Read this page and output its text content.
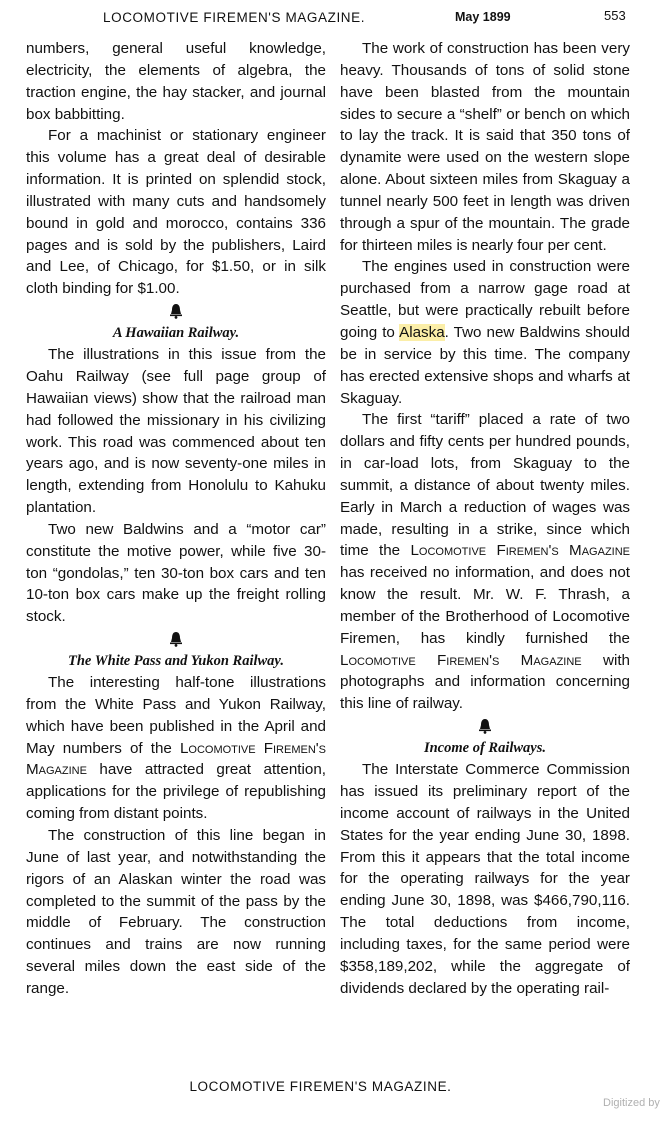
LOCOMOTIVE FIREMEN'S MAGAZINE.	May 1899	553

numbers, general useful knowledge, electricity, the elements of algebra, the traction engine, the hay stacker, and journal box babbitting.

For a machinist or stationary engineer this volume has a great deal of desirable information. It is printed on splendid stock, illustrated with many cuts and handsomely bound in gold and morocco, contains 336 pages and is sold by the publishers, Laird and Lee, of Chicago, for $1.50, or in silk cloth binding for $1.00.

A Hawaiian Railway.

The illustrations in this issue from the Oahu Railway (see full page group of Hawaiian views) show that the railroad man had followed the missionary in his civilizing work. This road was commenced about ten years ago, and is now seventy-one miles in length, extending from Honolulu to Kahuku plantation.

Two new Baldwins and a “motor car” constitute the motive power, while five 30-ton “gondolas,” ten 30-ton box cars and ten 10-ton box cars make up the freight rolling stock.

The White Pass and Yukon Railway.

The interesting half-tone illustrations from the White Pass and Yukon Railway, which have been published in the April and May numbers of the Locomotive Firemen's Magazine have attracted great attention, applications for the privilege of republishing coming from distant points.

The construction of this line began in June of last year, and notwithstanding the rigors of an Alaskan winter the road was completed to the summit of the pass by the middle of February. The construction continues and trains are now running several miles down the east side of the range.

The work of construction has been very heavy. Thousands of tons of solid stone have been blasted from the mountain sides to secure a “shelf” or bench on which to lay the track. It is said that 350 tons of dynamite were used on the western slope alone. About sixteen miles from Skaguay a tunnel nearly 500 feet in length was driven through a spur of the mountain. The grade for thirteen miles is nearly four per cent.

The engines used in construction were purchased from a narrow gage road at Seattle, but were practically rebuilt before going to Alaska. Two new Baldwins should be in service by this time. The company has erected extensive shops and wharfs at Skaguay.

The first “tariff” placed a rate of two dollars and fifty cents per hundred pounds, in car-load lots, from Skaguay to the summit, a distance of about twenty miles. Early in March a reduction of wages was made, resulting in a strike, since which time the Locomotive Firemen's Magazine has received no information, and does not know the result. Mr. W. F. Thrash, a member of the Brotherhood of Locomotive Firemen, has kindly furnished the Locomotive Firemen's Magazine with photographs and information concerning this line of railway.

Income of Railways.

The Interstate Commerce Commission has issued its preliminary report of the income account of railways in the United States for the year ending June 30, 1898. From this it appears that the total income for the operating railways for the year ending June 30, 1898, was $466,790,116. The total deductions from income, including taxes, for the same period were $358,189,202, while the aggregate of dividends declared by the operating rail-

LOCOMOTIVE FIREMEN'S MAGAZINE.
Digitized by
